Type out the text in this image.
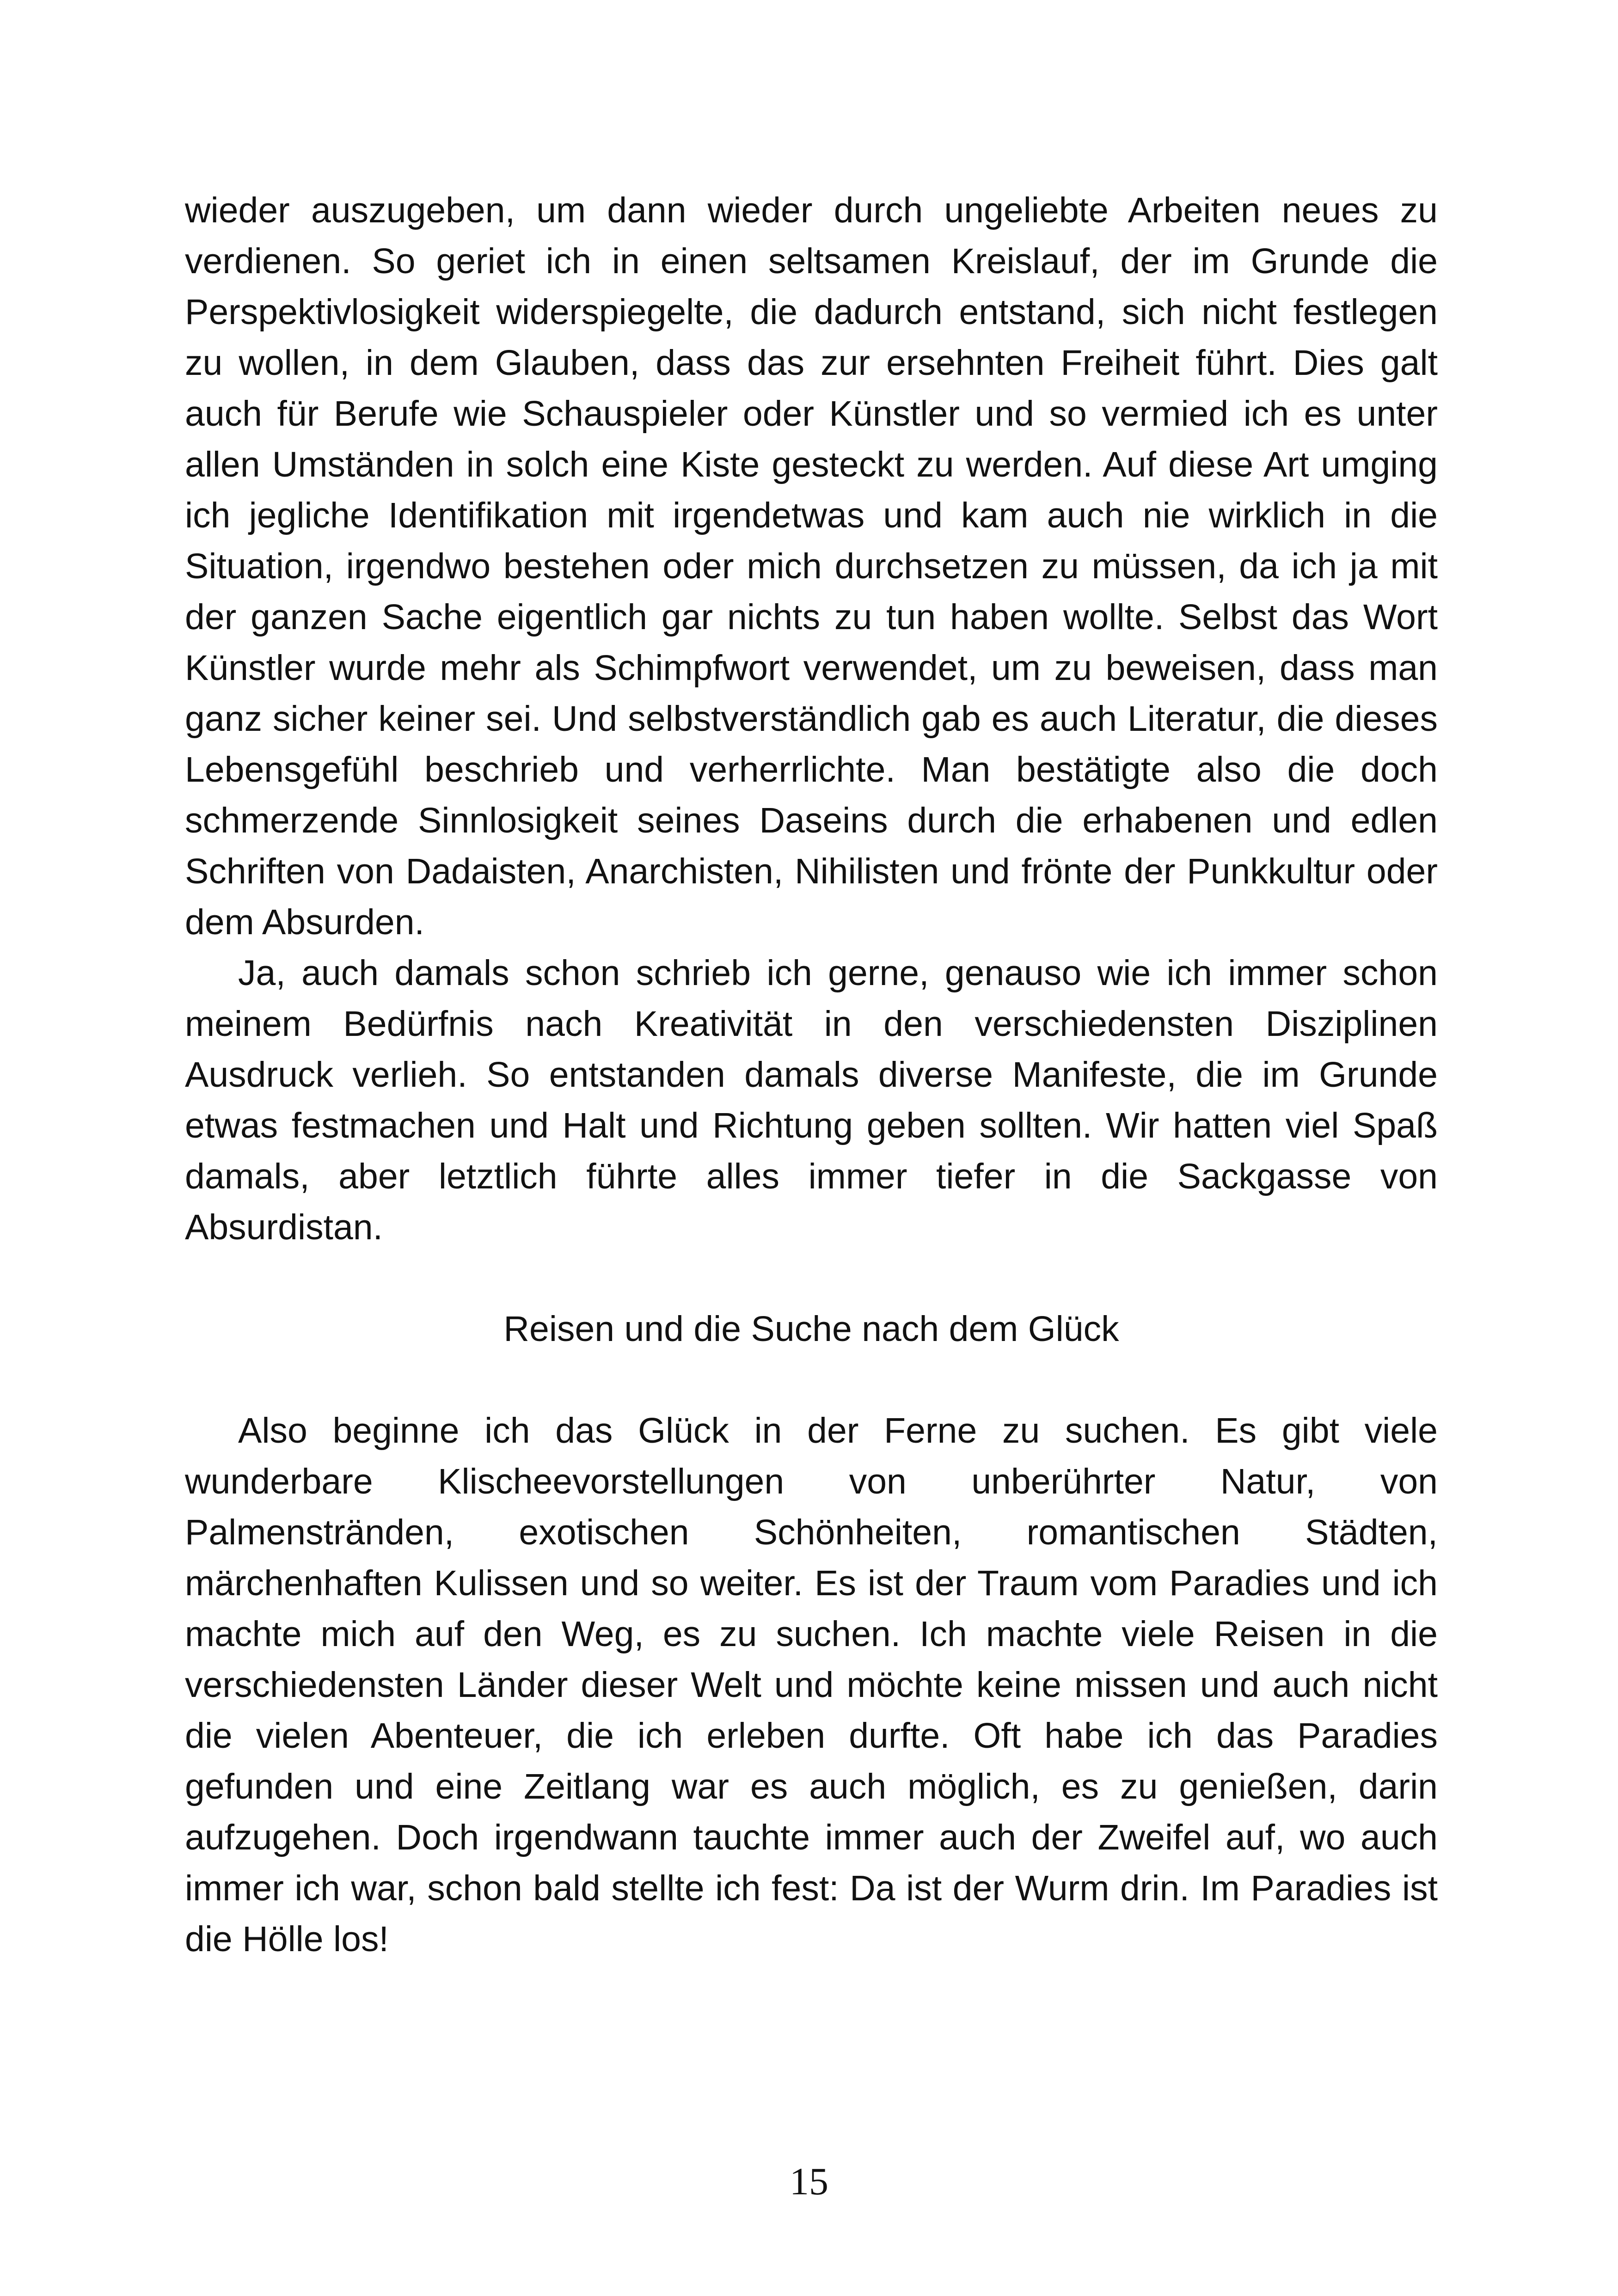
wieder auszugeben, um dann wieder durch ungeliebte Arbeiten neues zu verdienen. So geriet ich in einen seltsamen Kreislauf, der im Grunde die Perspektivlosigkeit widerspiegelte, die dadurch entstand, sich nicht festlegen zu wollen, in dem Glauben, dass das zur ersehnten Freiheit führt. Dies galt auch für Berufe wie Schauspieler oder Künstler und so vermied ich es unter allen Umständen in solch eine Kiste gesteckt zu werden. Auf diese Art umging ich jegliche Identifikation mit irgendetwas und kam auch nie wirklich in die Situation, irgendwo bestehen oder mich durchsetzen zu müssen, da ich ja mit der ganzen Sache eigentlich gar nichts zu tun haben wollte. Selbst das Wort Künstler wurde mehr als Schimpfwort verwendet, um zu beweisen, dass man ganz sicher keiner sei. Und selbstverständlich gab es auch Literatur, die dieses Lebensgefühl beschrieb und verherrlichte. Man bestätigte also die doch schmerzende Sinnlosigkeit seines Daseins durch die erhabenen und edlen Schriften von Dadaisten, Anarchisten, Nihilisten und frönte der Punkkultur oder dem Absurden.

Ja, auch damals schon schrieb ich gerne, genauso wie ich immer schon meinem Bedürfnis nach Kreativität in den verschiedensten Disziplinen Ausdruck verlieh. So entstanden damals diverse Manifeste, die im Grunde etwas festmachen und Halt und Richtung geben sollten. Wir hatten viel Spaß damals, aber letztlich führte alles immer tiefer in die Sackgasse von Absurdistan.

Reisen und die Suche nach dem Glück

Also beginne ich das Glück in der Ferne zu suchen. Es gibt viele wunderbare Klischeevorstellungen von unberührter Natur, von Palmenstränden, exotischen Schönheiten, romantischen Städten, märchenhaften Kulissen und so weiter. Es ist der Traum vom Paradies und ich machte mich auf den Weg, es zu suchen. Ich machte viele Reisen in die verschiedensten Länder dieser Welt und möchte keine missen und auch nicht die vielen Abenteuer, die ich erleben durfte. Oft habe ich das Paradies gefunden und eine Zeitlang war es auch möglich, es zu genießen, darin aufzugehen. Doch irgendwann tauchte immer auch der Zweifel auf, wo auch immer ich war, schon bald stellte ich fest: Da ist der Wurm drin. Im Paradies ist die Hölle los!

15
